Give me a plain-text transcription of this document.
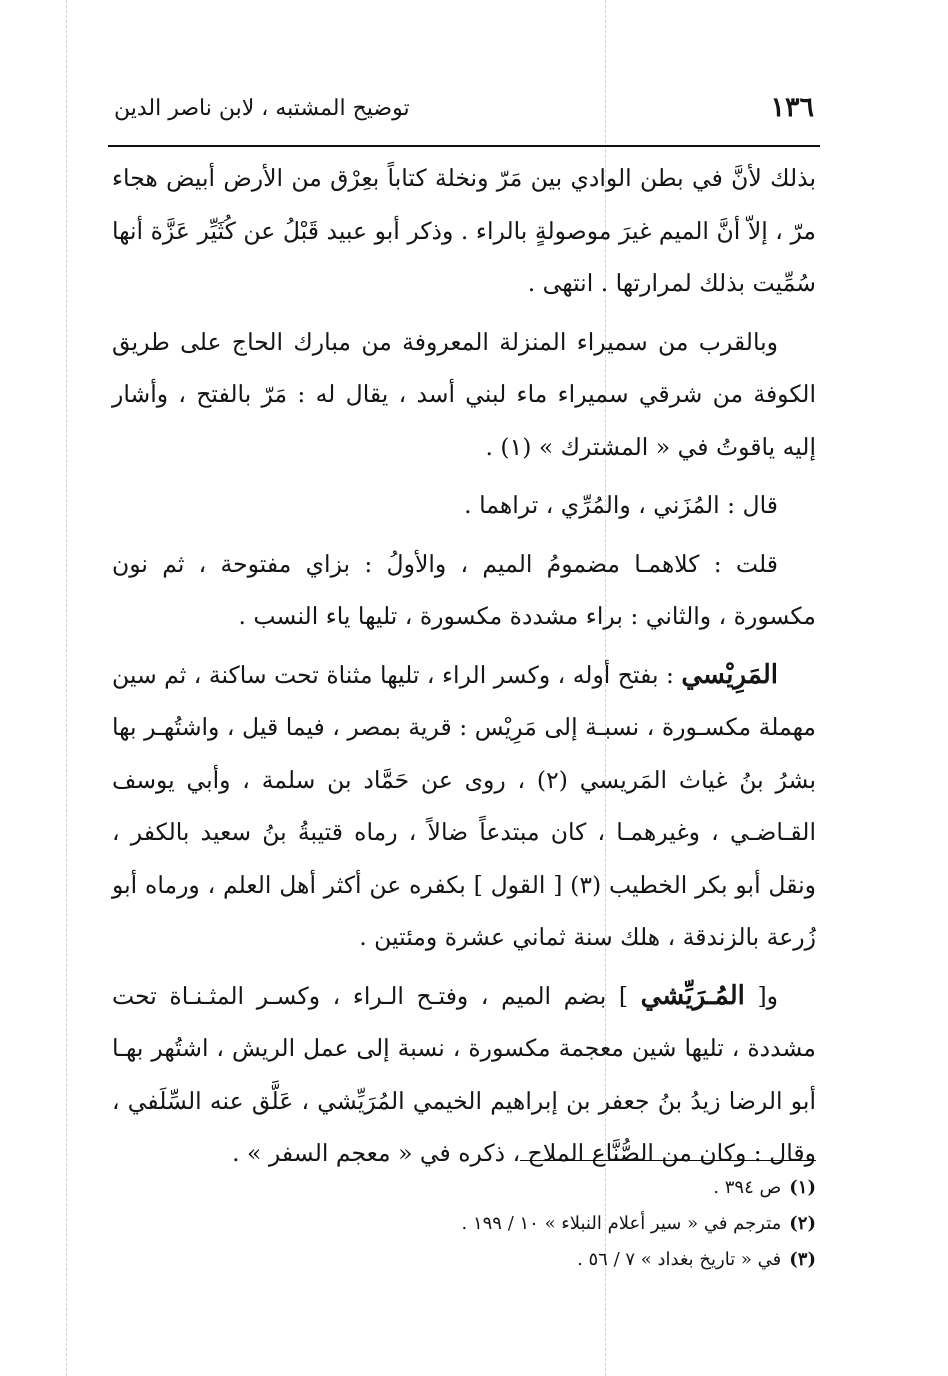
١٣٦
توضيح المشتبه ، لابن ناصر الدين

بذلك لأنَّ في بطن الوادي بين مَرّ ونخلة كتاباً بعِرْق من الأرض أبيض هجاء مرّ ، إلاّ أنَّ الميم غيرَ موصولةٍ بالراء . وذكر أبو عبيد قَبْلُ عن كُثَيِّر عَزَّة أنها سُمِّيت بذلك لمرارتها . انتهى .

وبالقرب من سميراء المنزلة المعروفة من مبارك الحاج على طريق الكوفة من شرقي سميراء ماء لبني أسد ، يقال له : مَرّ بالفتح ، وأشار إليه ياقوتُ في « المشترك » (١) .

قال : المُزَني ، والمُرِّي ، تراهما .

قلت : كلاهمـا مضمومُ الميم ، والأولُ : بزاي مفتوحة ، ثم نون مكسورة ، والثاني : براء مشددة مكسورة ، تليها ياء النسب .

المَرِيْسي : بفتح أوله ، وكسر الراء ، تليها مثناة تحت ساكنة ، ثم سين مهملة مكسـورة ، نسبـة إلى مَرِيْس : قرية بمصر ، فيما قيل ، واشتُهـر بها بشرُ بنُ غياث المَريسي (٢) ، روى عن حَمَّاد بن سلمة ، وأبي يوسف القـاضـي ، وغيرهمـا ، كان مبتدعاً ضالاً ، رماه قتيبةُ بنُ سعيد بالكفر ، ونقل أبو بكر الخطيب (٣) [ القول ] بكفره عن أكثر أهل العلم ، ورماه أبو زُرعة بالزندقة ، هلك سنة ثماني عشرة ومئتين .

و[ المُـرَيِّشي ] بضم الميم ، وفتـح الـراء ، وكسـر المثـنـاة تحت مشددة ، تليها شين معجمة مكسورة ، نسبة إلى عمل الريش ، اشتُهر بهـا أبو الرضا زيدُ بنُ جعفر بن إبراهيم الخيمي المُرَيِّشي ، عَلَّق عنه السِّلَفي ، وقال : وكان من الصُّنَّاع الملاح ، ذكره في « معجم السفر » .

(١)ص ٣٩٤ .
(٢)مترجم في « سير أعلام النبلاء » ١٠ / ١٩٩ .
(٣)في « تاريخ بغداد » ٧ / ٥٦ .
